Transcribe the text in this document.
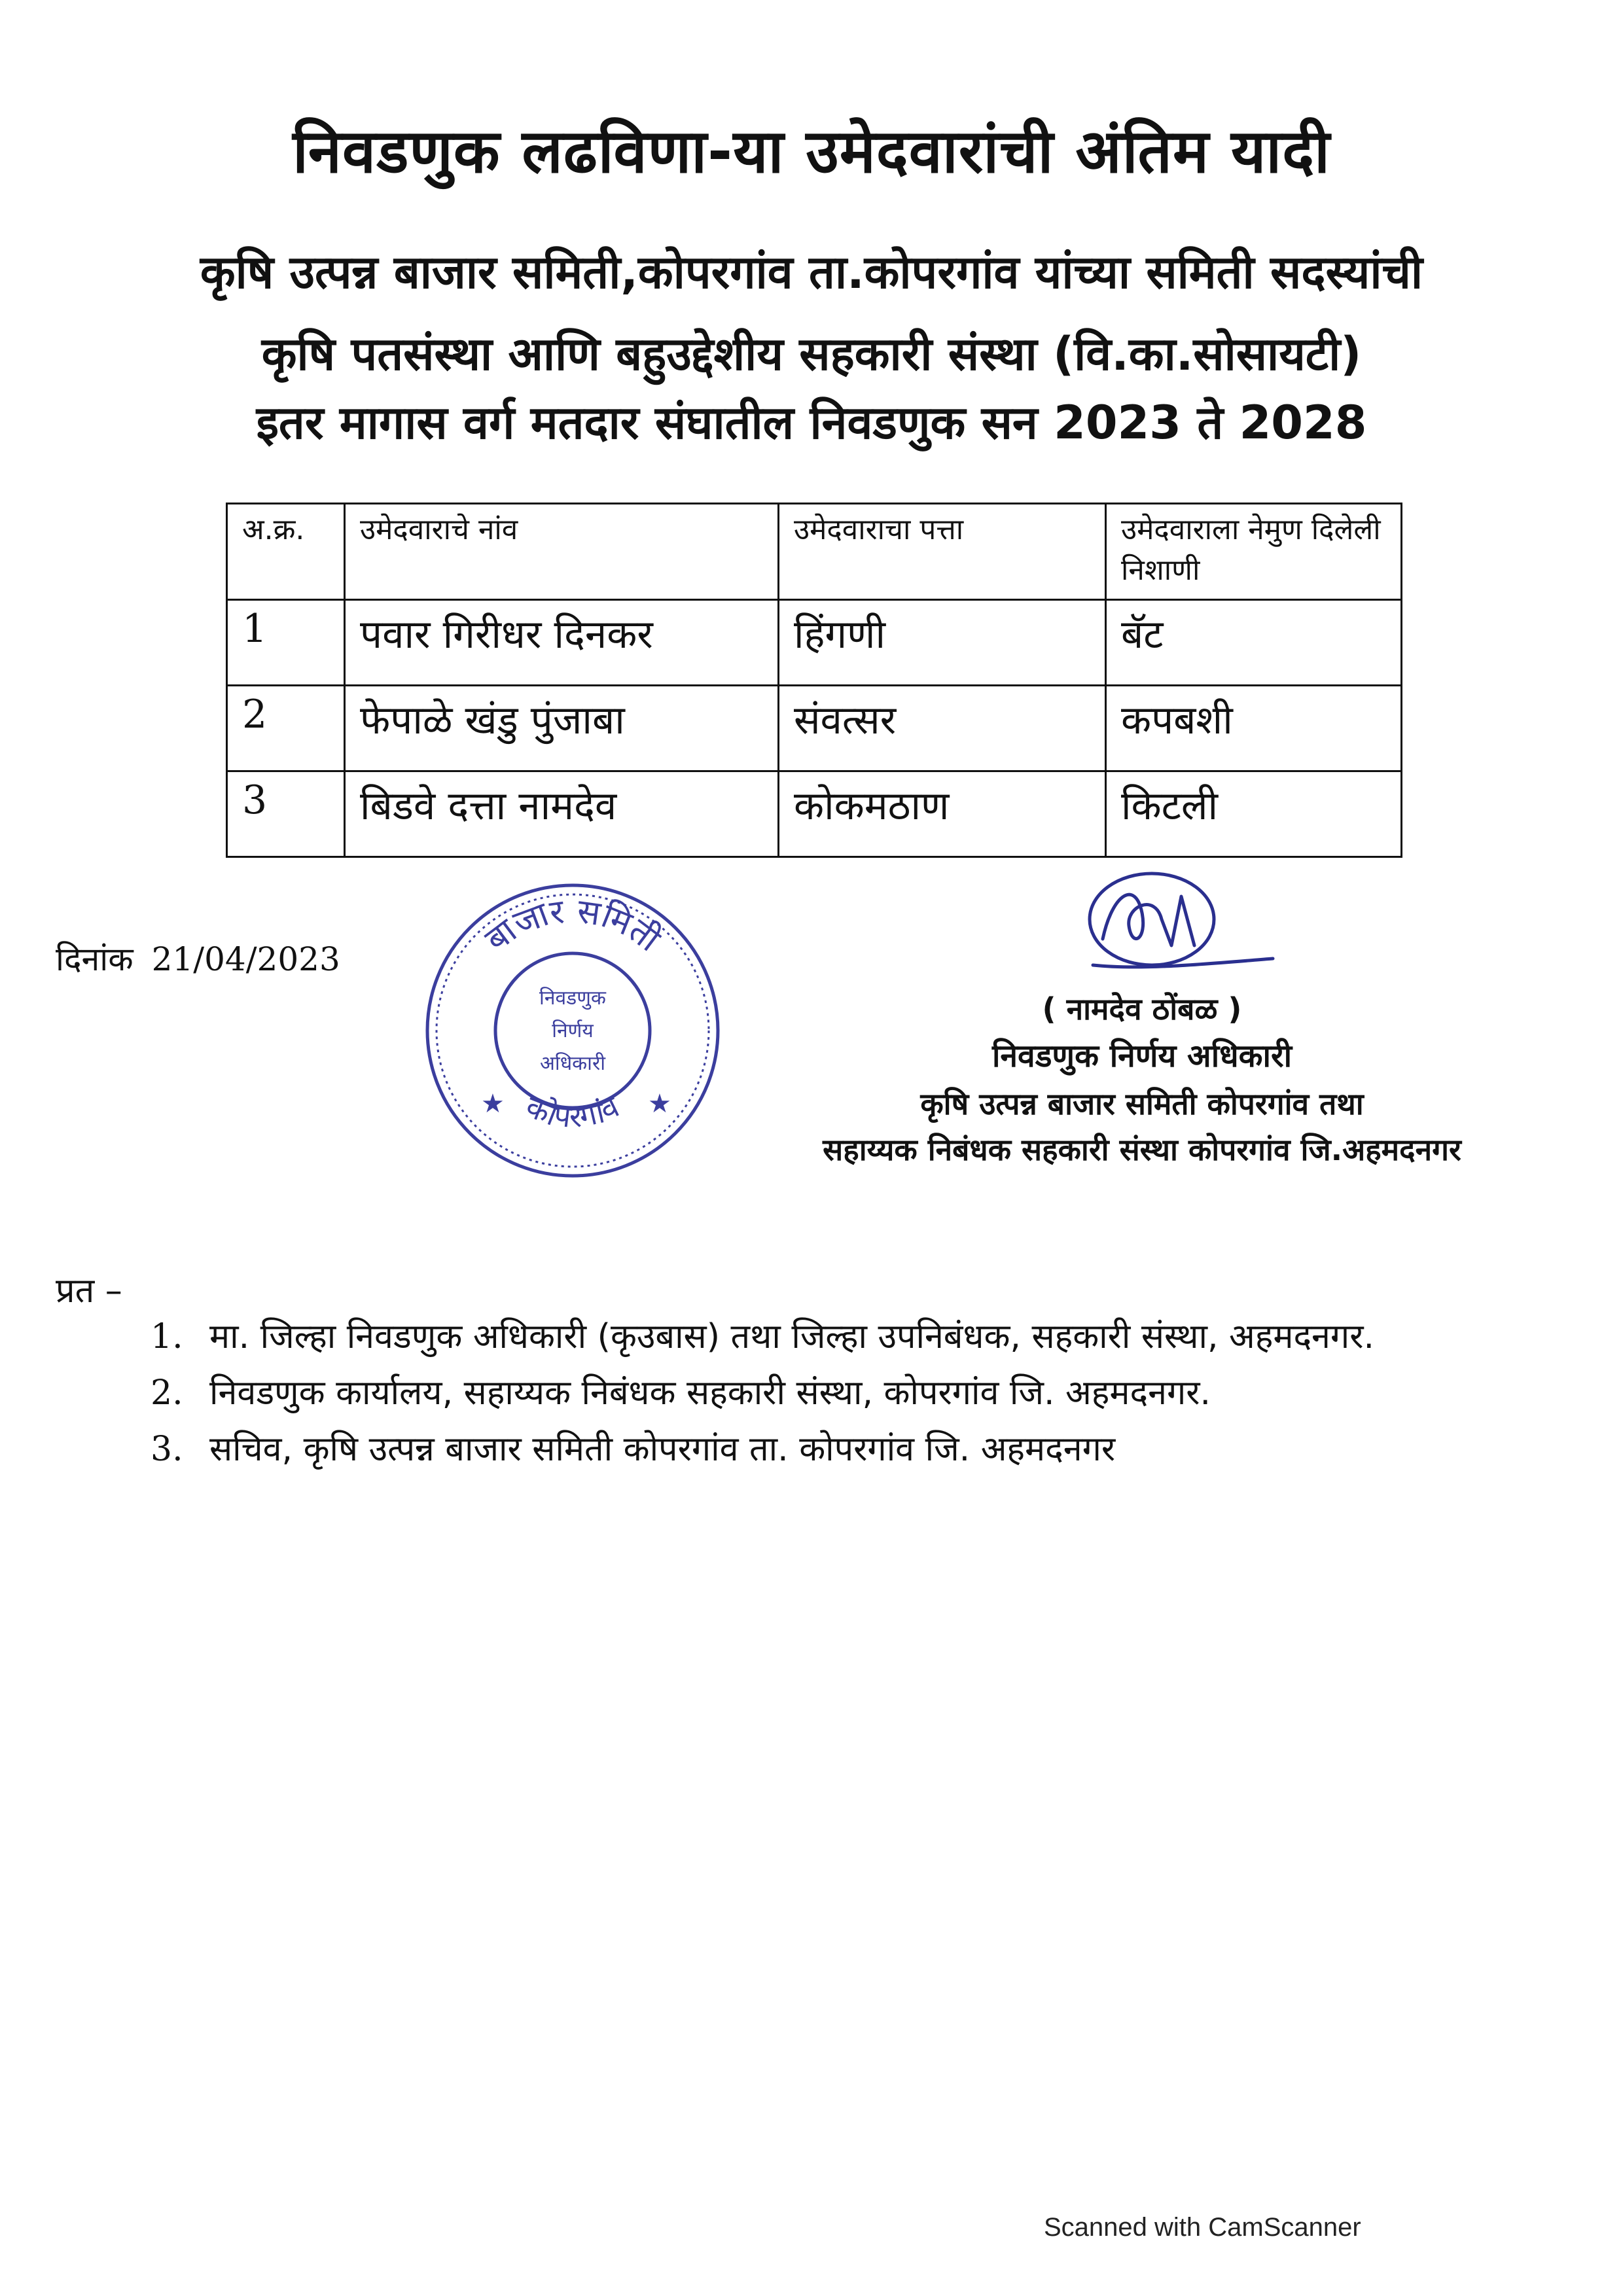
निवडणुक लढविणा-या उमेदवारांची अंतिम यादी
कृषि उत्पन्न बाजार समिती,कोपरगांव ता.कोपरगांव यांच्या समिती सदस्यांची
कृषि पतसंस्था आणि बहुउद्देशीय सहकारी संस्था (वि.का.सोसायटी)
इतर मागास वर्ग मतदार संघातील निवडणुक सन 2023 ते 2028
अ.क्र.	उमेदवाराचे नांव	उमेदवाराचा पत्ता	उमेदवाराला नेमुण दिलेली निशाणी
1	पवार गिरीधर दिनकर	हिंगणी	बॅट
2	फेपाळे खंडु पुंजाबा	संवत्सर	कपबशी
3	बिडवे दत्ता नामदेव	कोकमठाण	किटली
दिनांक 21/04/2023	बाजार समिती
कोपरगांव
निवडणुक
निर्णय
अधिकारी
★	★
( नामदेव ठोंबळ )
निवडणुक निर्णय अधिकारी
कृषि उत्पन्न बाजार समिती कोपरगांव तथा
सहाय्यक निबंधक सहकारी संस्था कोपरगांव जि.अहमदनगर
प्रत –
1. मा. जिल्हा निवडणुक अधिकारी (कृउबास) तथा जिल्हा उपनिबंधक, सहकारी संस्था, अहमदनगर.
2. निवडणुक कार्यालय, सहाय्यक निबंधक सहकारी संस्था, कोपरगांव जि. अहमदनगर.
3. सचिव, कृषि उत्पन्न बाजार समिती कोपरगांव ता. कोपरगांव जि. अहमदनगर
Scanned with CamScanner
